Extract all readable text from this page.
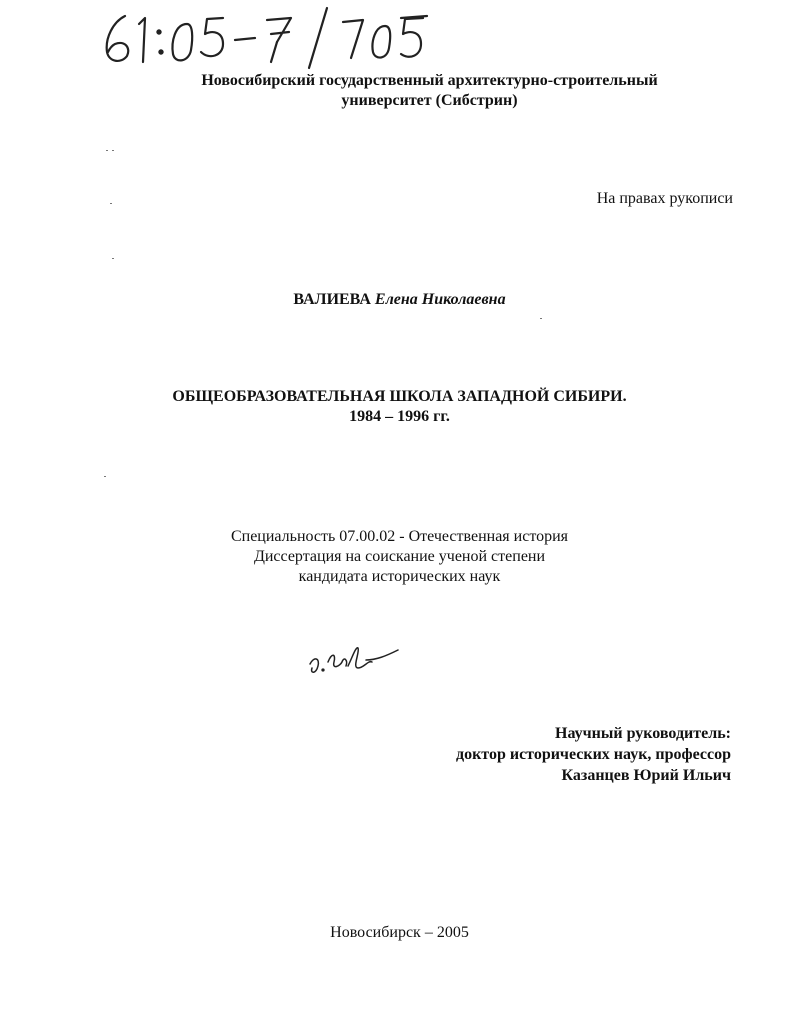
Новосибирский государственный архитектурно-строительный
университет (Сибстрин)
На правах рукописи
ВАЛИЕВА Елена Николаевна
ОБЩЕОБРАЗОВАТЕЛЬНАЯ ШКОЛА ЗАПАДНОЙ СИБИРИ.
1984 – 1996 гг.
Специальность 07.00.02 - Отечественная история
Диссертация на соискание ученой степени
кандидата исторических наук
Научный руководитель:
доктор исторических наук, профессор
Казанцев Юрий Ильич
Новосибирск – 2005
